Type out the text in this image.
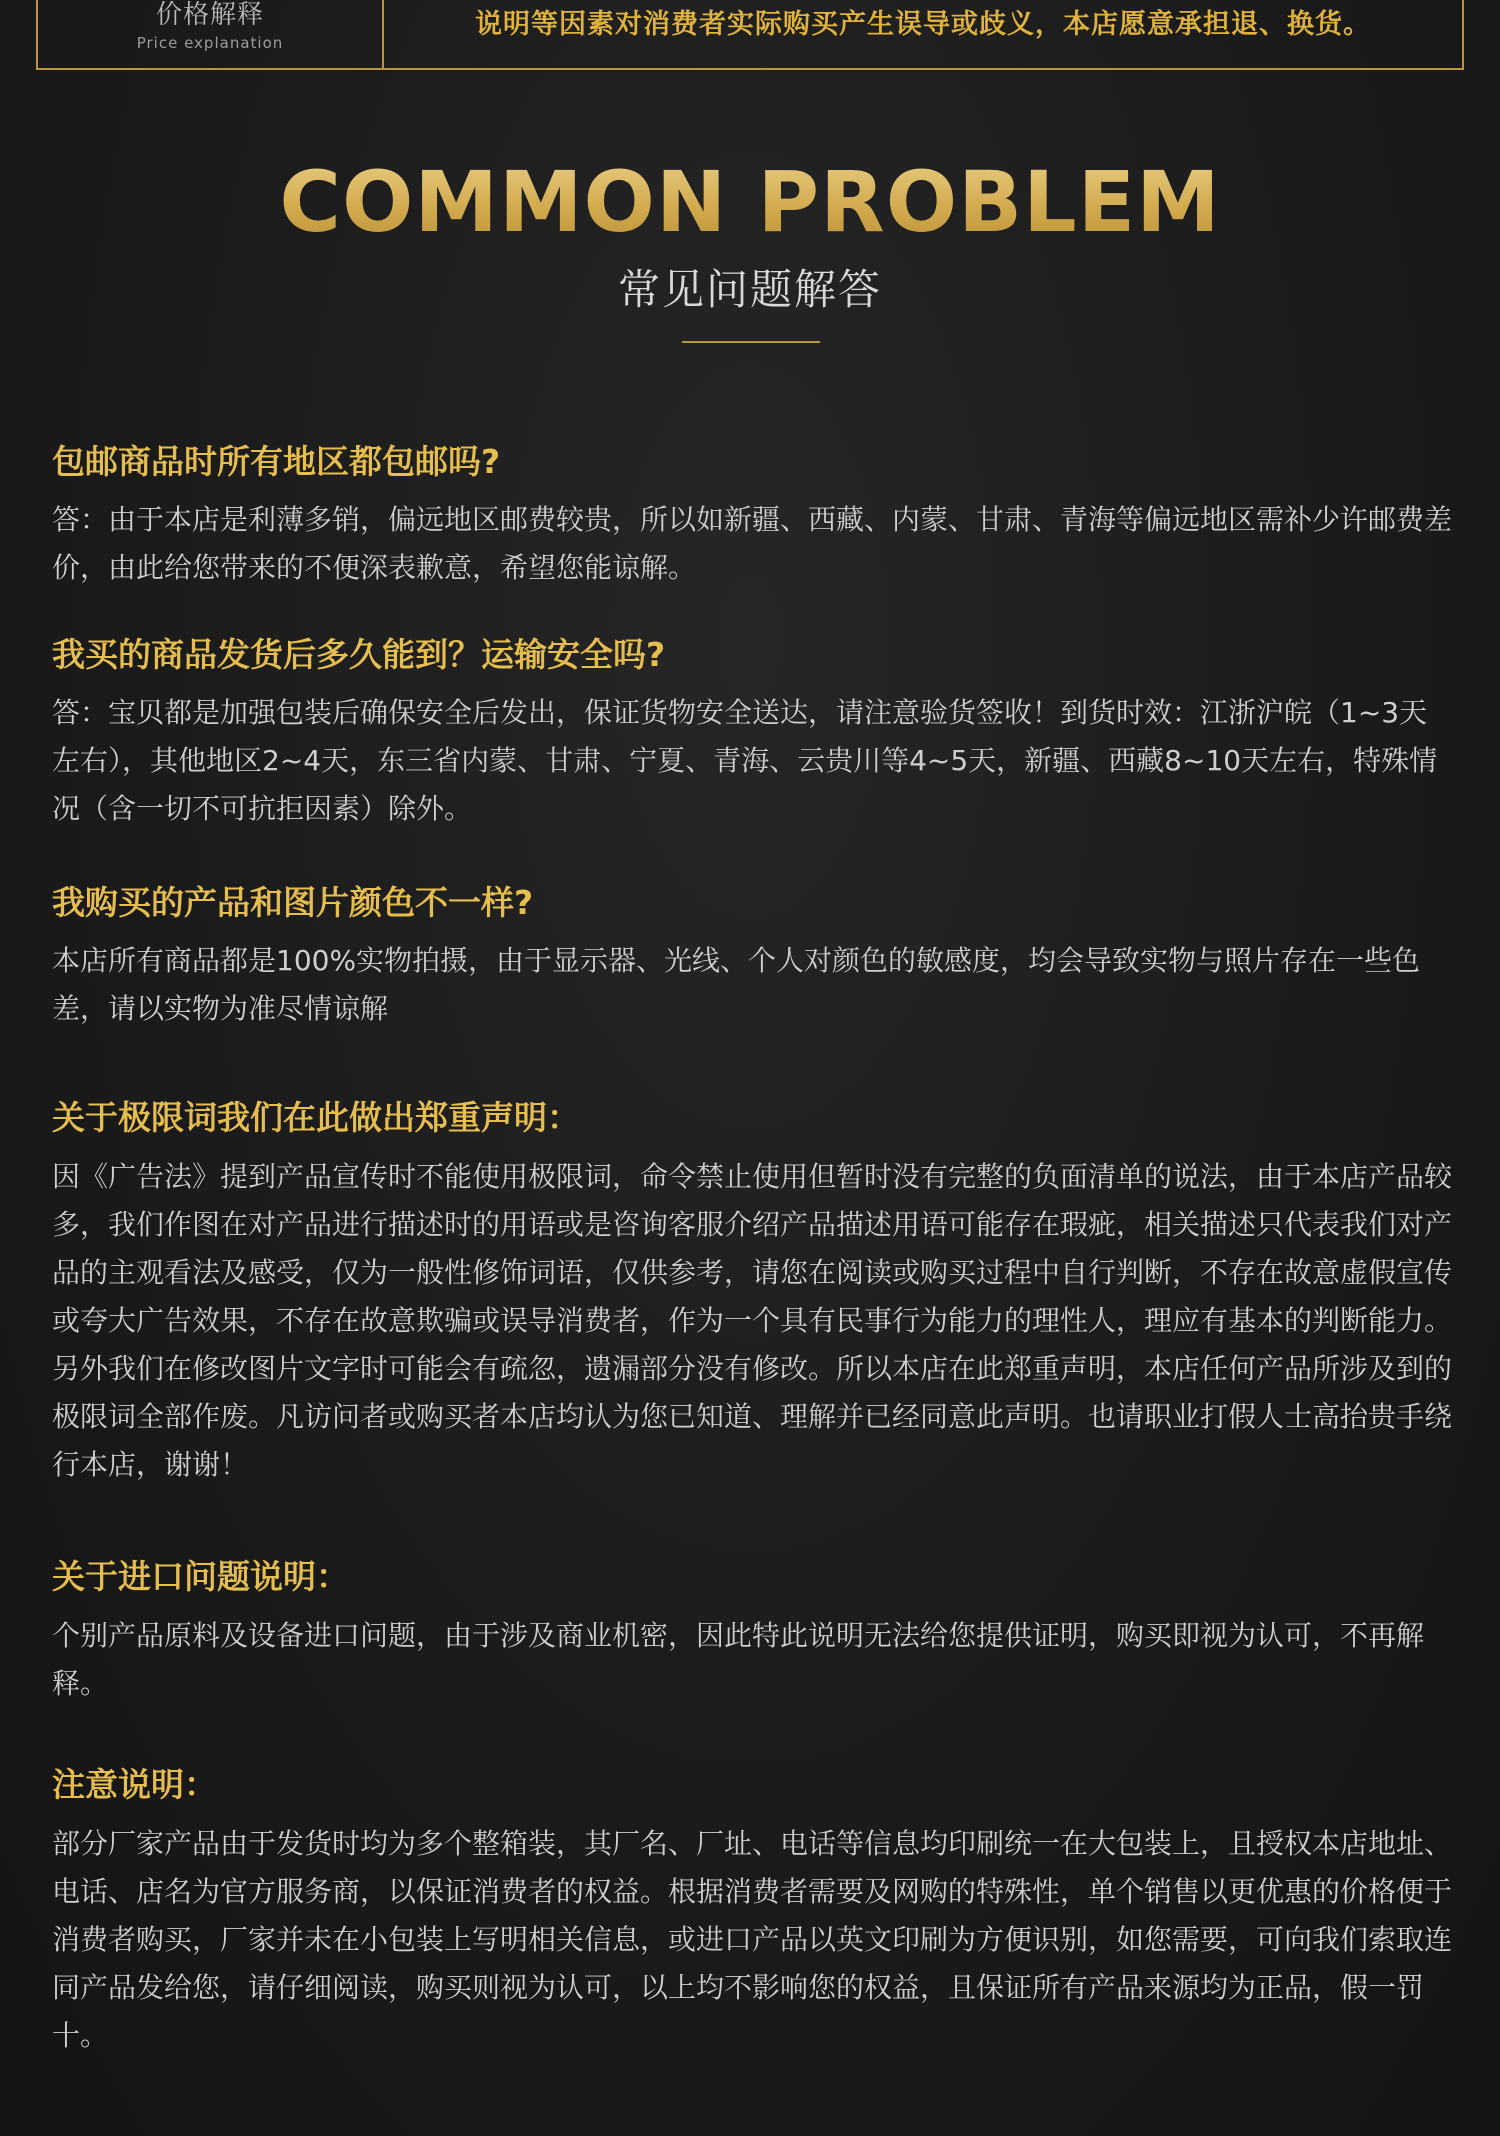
价格解释
Price explanation
说明等因素对消费者实际购买产生误导或歧义，本店愿意承担退、换货。
COMMON PROBLEM
常见问题解答
包邮商品时所有地区都包邮吗?
答：由于本店是利薄多销，偏远地区邮费较贵，所以如新疆、西藏、内蒙、甘肃、青海等偏远地区需补少许邮费差价，由此给您带来的不便深表歉意，希望您能谅解。
我买的商品发货后多久能到？运输安全吗?
答：宝贝都是加强包装后确保安全后发出，保证货物安全送达，请注意验货签收！到货时效：江浙沪皖（1~3天左右），其他地区2~4天，东三省内蒙、甘肃、宁夏、青海、云贵川等4~5天，新疆、西藏8~10天左右，特殊情况（含一切不可抗拒因素）除外。
我购买的产品和图片颜色不一样?
本店所有商品都是100%实物拍摄，由于显示器、光线、个人对颜色的敏感度，均会导致实物与照片存在一些色差，请以实物为准尽情谅解
关于极限词我们在此做出郑重声明：
因《广告法》提到产品宣传时不能使用极限词，命令禁止使用但暂时没有完整的负面清单的说法，由于本店产品较多，我们作图在对产品进行描述时的用语或是咨询客服介绍产品描述用语可能存在瑕疵，相关描述只代表我们对产品的主观看法及感受，仅为一般性修饰词语，仅供参考，请您在阅读或购买过程中自行判断，不存在故意虚假宣传或夸大广告效果，不存在故意欺骗或误导消费者，作为一个具有民事行为能力的理性人，理应有基本的判断能力。另外我们在修改图片文字时可能会有疏忽，遗漏部分没有修改。所以本店在此郑重声明，本店任何产品所涉及到的极限词全部作废。凡访问者或购买者本店均认为您已知道、理解并已经同意此声明。也请职业打假人士高抬贵手绕行本店，谢谢！
关于进口问题说明：
个别产品原料及设备进口问题，由于涉及商业机密，因此特此说明无法给您提供证明，购买即视为认可，不再解释。
注意说明：
部分厂家产品由于发货时均为多个整箱装，其厂名、厂址、电话等信息均印刷统一在大包装上，且授权本店地址、电话、店名为官方服务商，以保证消费者的权益。根据消费者需要及网购的特殊性，单个销售以更优惠的价格便于消费者购买，厂家并未在小包装上写明相关信息，或进口产品以英文印刷为方便识别，如您需要，可向我们索取连同产品发给您，请仔细阅读，购买则视为认可，以上均不影响您的权益，且保证所有产品来源均为正品，假一罚十。
